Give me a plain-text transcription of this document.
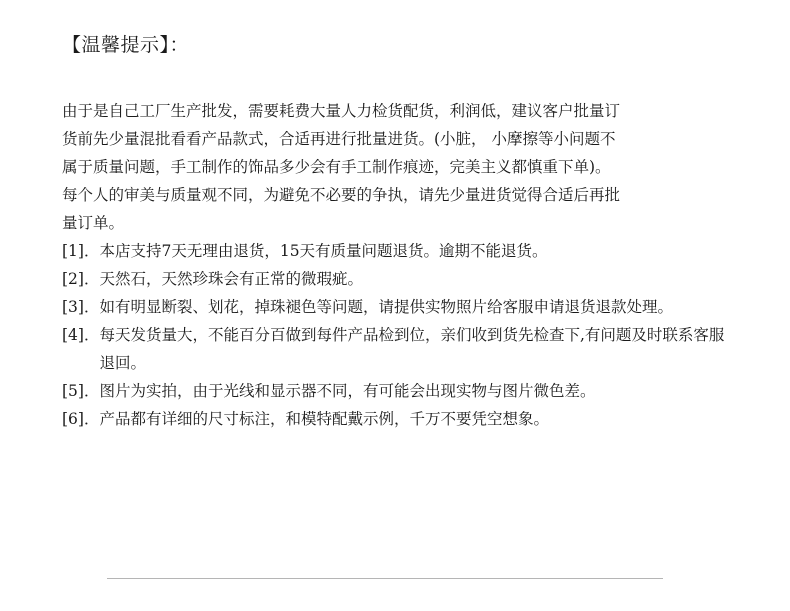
【温馨提示】：
由于是自己工厂生产批发，需要耗费大量人力检货配货，利润低，建议客户批量订
货前先少量混批看看产品款式，合适再进行批量进货。(小脏， 小摩擦等小问题不
属于质量问题，手工制作的饰品多少会有手工制作痕迹，完美主义都慎重下单)。
每个人的审美与质量观不同，为避免不必要的争执，请先少量进货觉得合适后再批
量订单。
[1]． 本店支持7天无理由退货，15天有质量问题退货。逾期不能退货。
[2]． 天然石，天然珍珠会有正常的微瑕疵。
[3]． 如有明显断裂、划花，掉珠褪色等问题，请提供实物照片给客服申请退货退款处理。
[4]． 每天发货量大，不能百分百做到每件产品检到位，亲们收到货先检查下,有问题及时联系客服退回。
[5]． 图片为实拍，由于光线和显示器不同，有可能会出现实物与图片微色差。
[6]． 产品都有详细的尺寸标注，和模特配戴示例，千万不要凭空想象。
